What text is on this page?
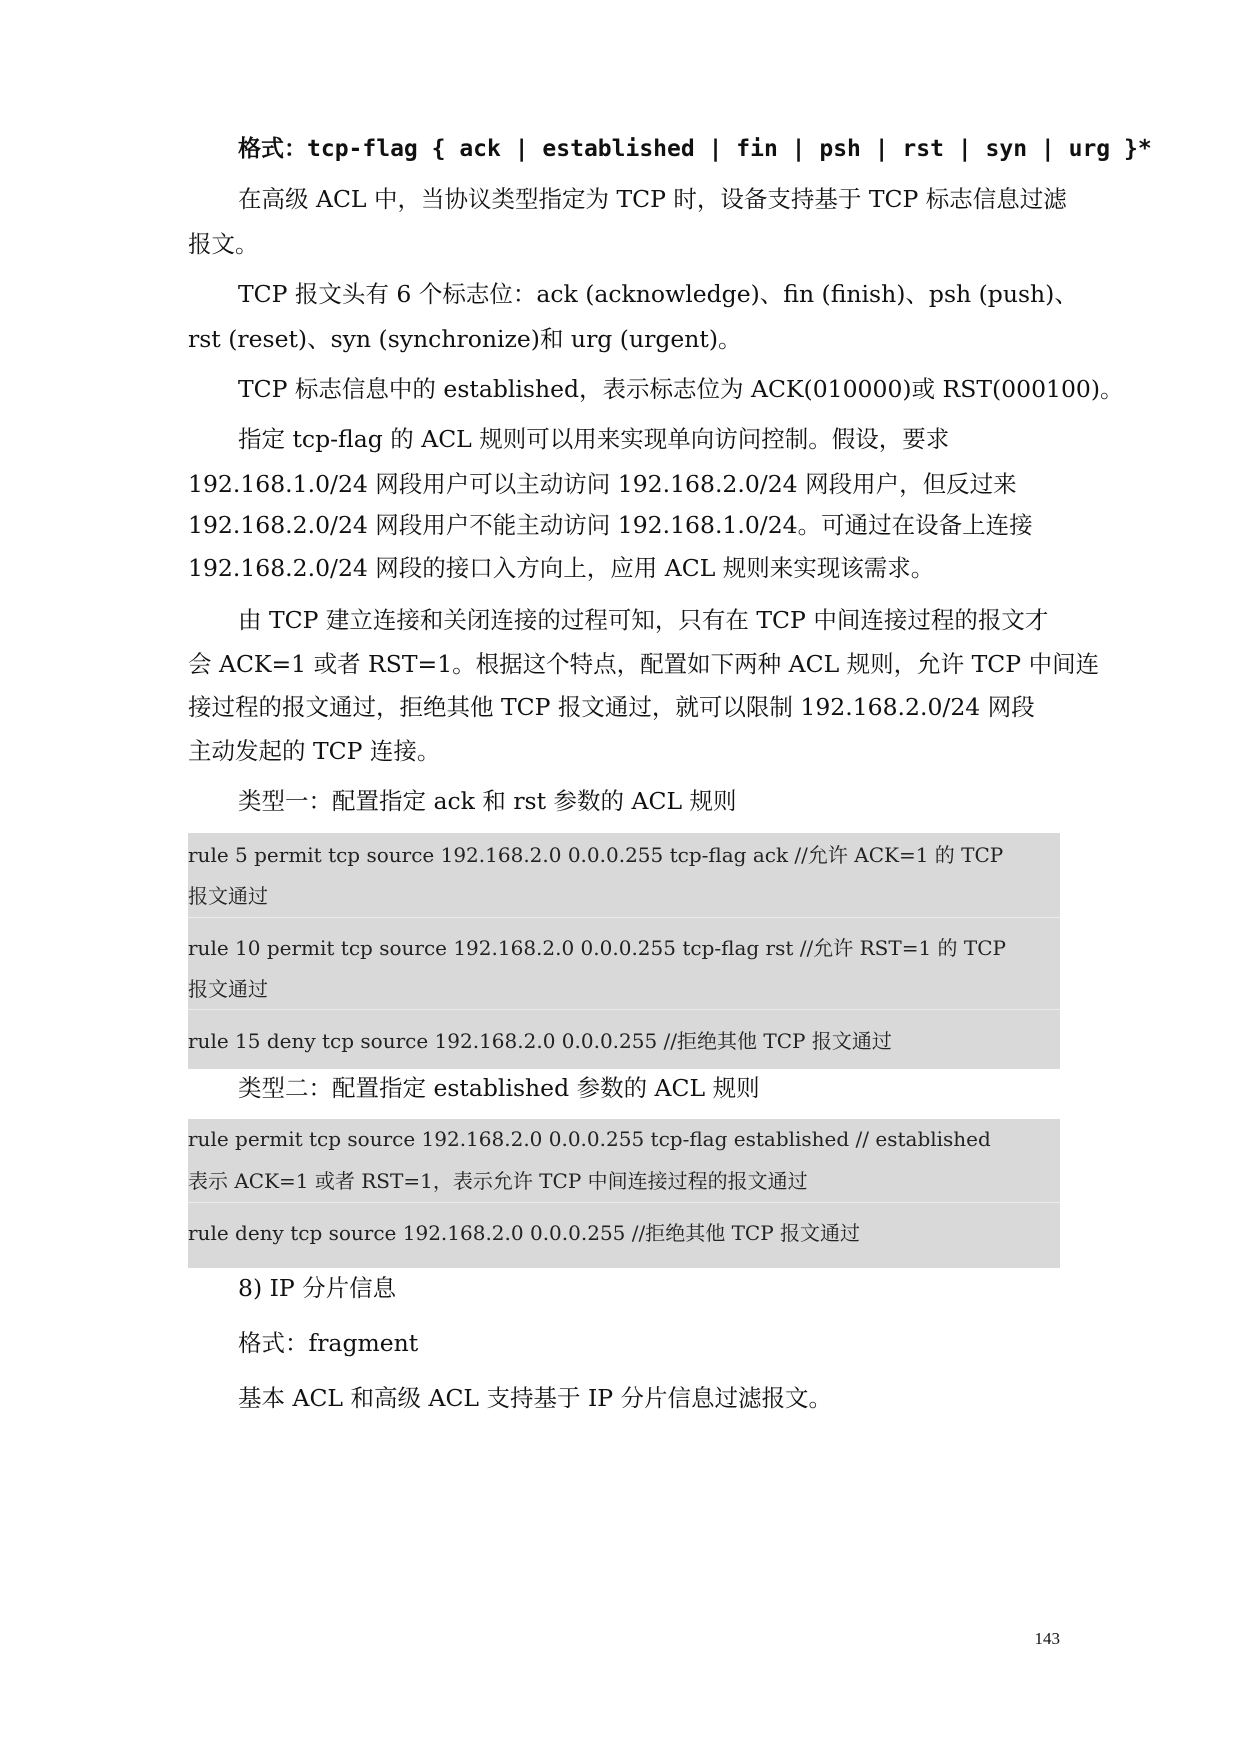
格式：tcp-flag { ack | established | fin | psh | rst | syn | urg }*
在高级 ACL 中，当协议类型指定为 TCP 时，设备支持基于 TCP 标志信息过滤
报文。
TCP 报文头有 6 个标志位：ack (acknowledge)、fin (finish)、psh (push)、
rst (reset)、syn (synchronize)和 urg (urgent)。
TCP 标志信息中的 established，表示标志位为 ACK(010000)或 RST(000100)。
指定 tcp-flag 的 ACL 规则可以用来实现单向访问控制。假设，要求
192.168.1.0/24 网段用户可以主动访问 192.168.2.0/24 网段用户，但反过来
192.168.2.0/24 网段用户不能主动访问 192.168.1.0/24。可通过在设备上连接
192.168.2.0/24 网段的接口入方向上，应用 ACL 规则来实现该需求。
由 TCP 建立连接和关闭连接的过程可知，只有在 TCP 中间连接过程的报文才
会 ACK=1 或者 RST=1。根据这个特点，配置如下两种 ACL 规则，允许 TCP 中间连
接过程的报文通过，拒绝其他 TCP 报文通过，就可以限制 192.168.2.0/24 网段
主动发起的 TCP 连接。
类型一：配置指定 ack 和 rst 参数的 ACL 规则
rule 5 permit tcp source 192.168.2.0 0.0.0.255 tcp-flag ack //允许 ACK=1 的 TCP
报文通过
rule 10 permit tcp source 192.168.2.0 0.0.0.255 tcp-flag rst //允许 RST=1 的 TCP
报文通过
rule 15 deny tcp source 192.168.2.0 0.0.0.255 //拒绝其他 TCP 报文通过
类型二：配置指定 established 参数的 ACL 规则
rule permit tcp source 192.168.2.0 0.0.0.255 tcp-flag established // established
表示 ACK=1 或者 RST=1，表示允许 TCP 中间连接过程的报文通过
rule deny tcp source 192.168.2.0 0.0.0.255 //拒绝其他 TCP 报文通过
8) IP 分片信息
格式：fragment
基本 ACL 和高级 ACL 支持基于 IP 分片信息过滤报文。
143
